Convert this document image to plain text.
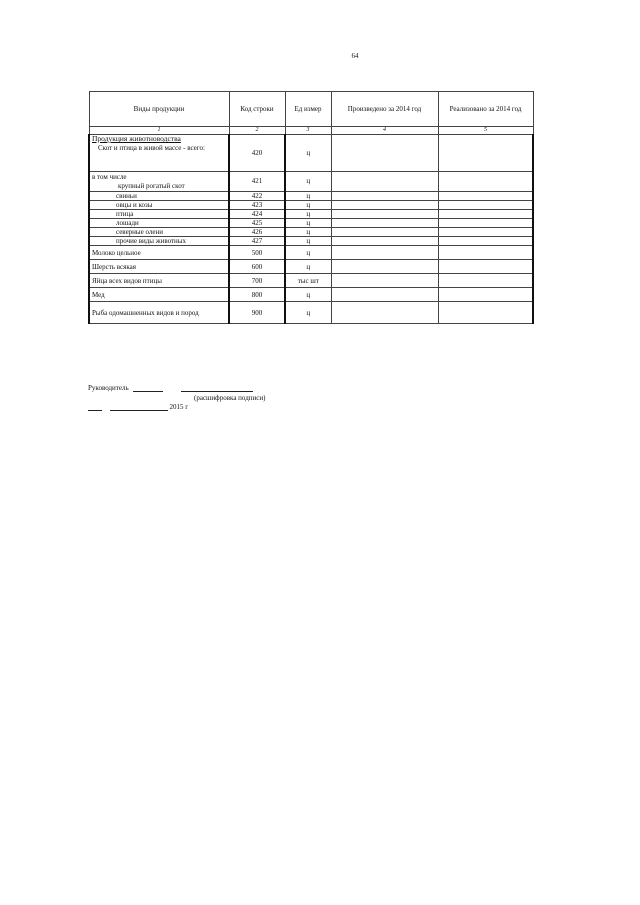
64
Виды продукции	Код строки	Ед измер	Произведено за 2014 год	Реализовано за 2014 год
1	2	3	4	5

Продукция животноводства
Скот и птица в живой массе - всего:	420	ц		

в том числе
крупный рогатый скот	421	ц		
свиньи	422	ц		
овцы и козы	423	ц		
птица	424	ц		
лошади	425	ц		
северные олени	426	ц		
прочие виды животных	427	ц		
Молоко цельное	500	ц		
Шерсть всякая	600	ц		
Яйца всех видов птицы	700	тыс шт		
Мед	800	ц		
Рыба одомашненных видов и пород	900	ц		
Руководитель
(расшифровка подписи)
2015 г
